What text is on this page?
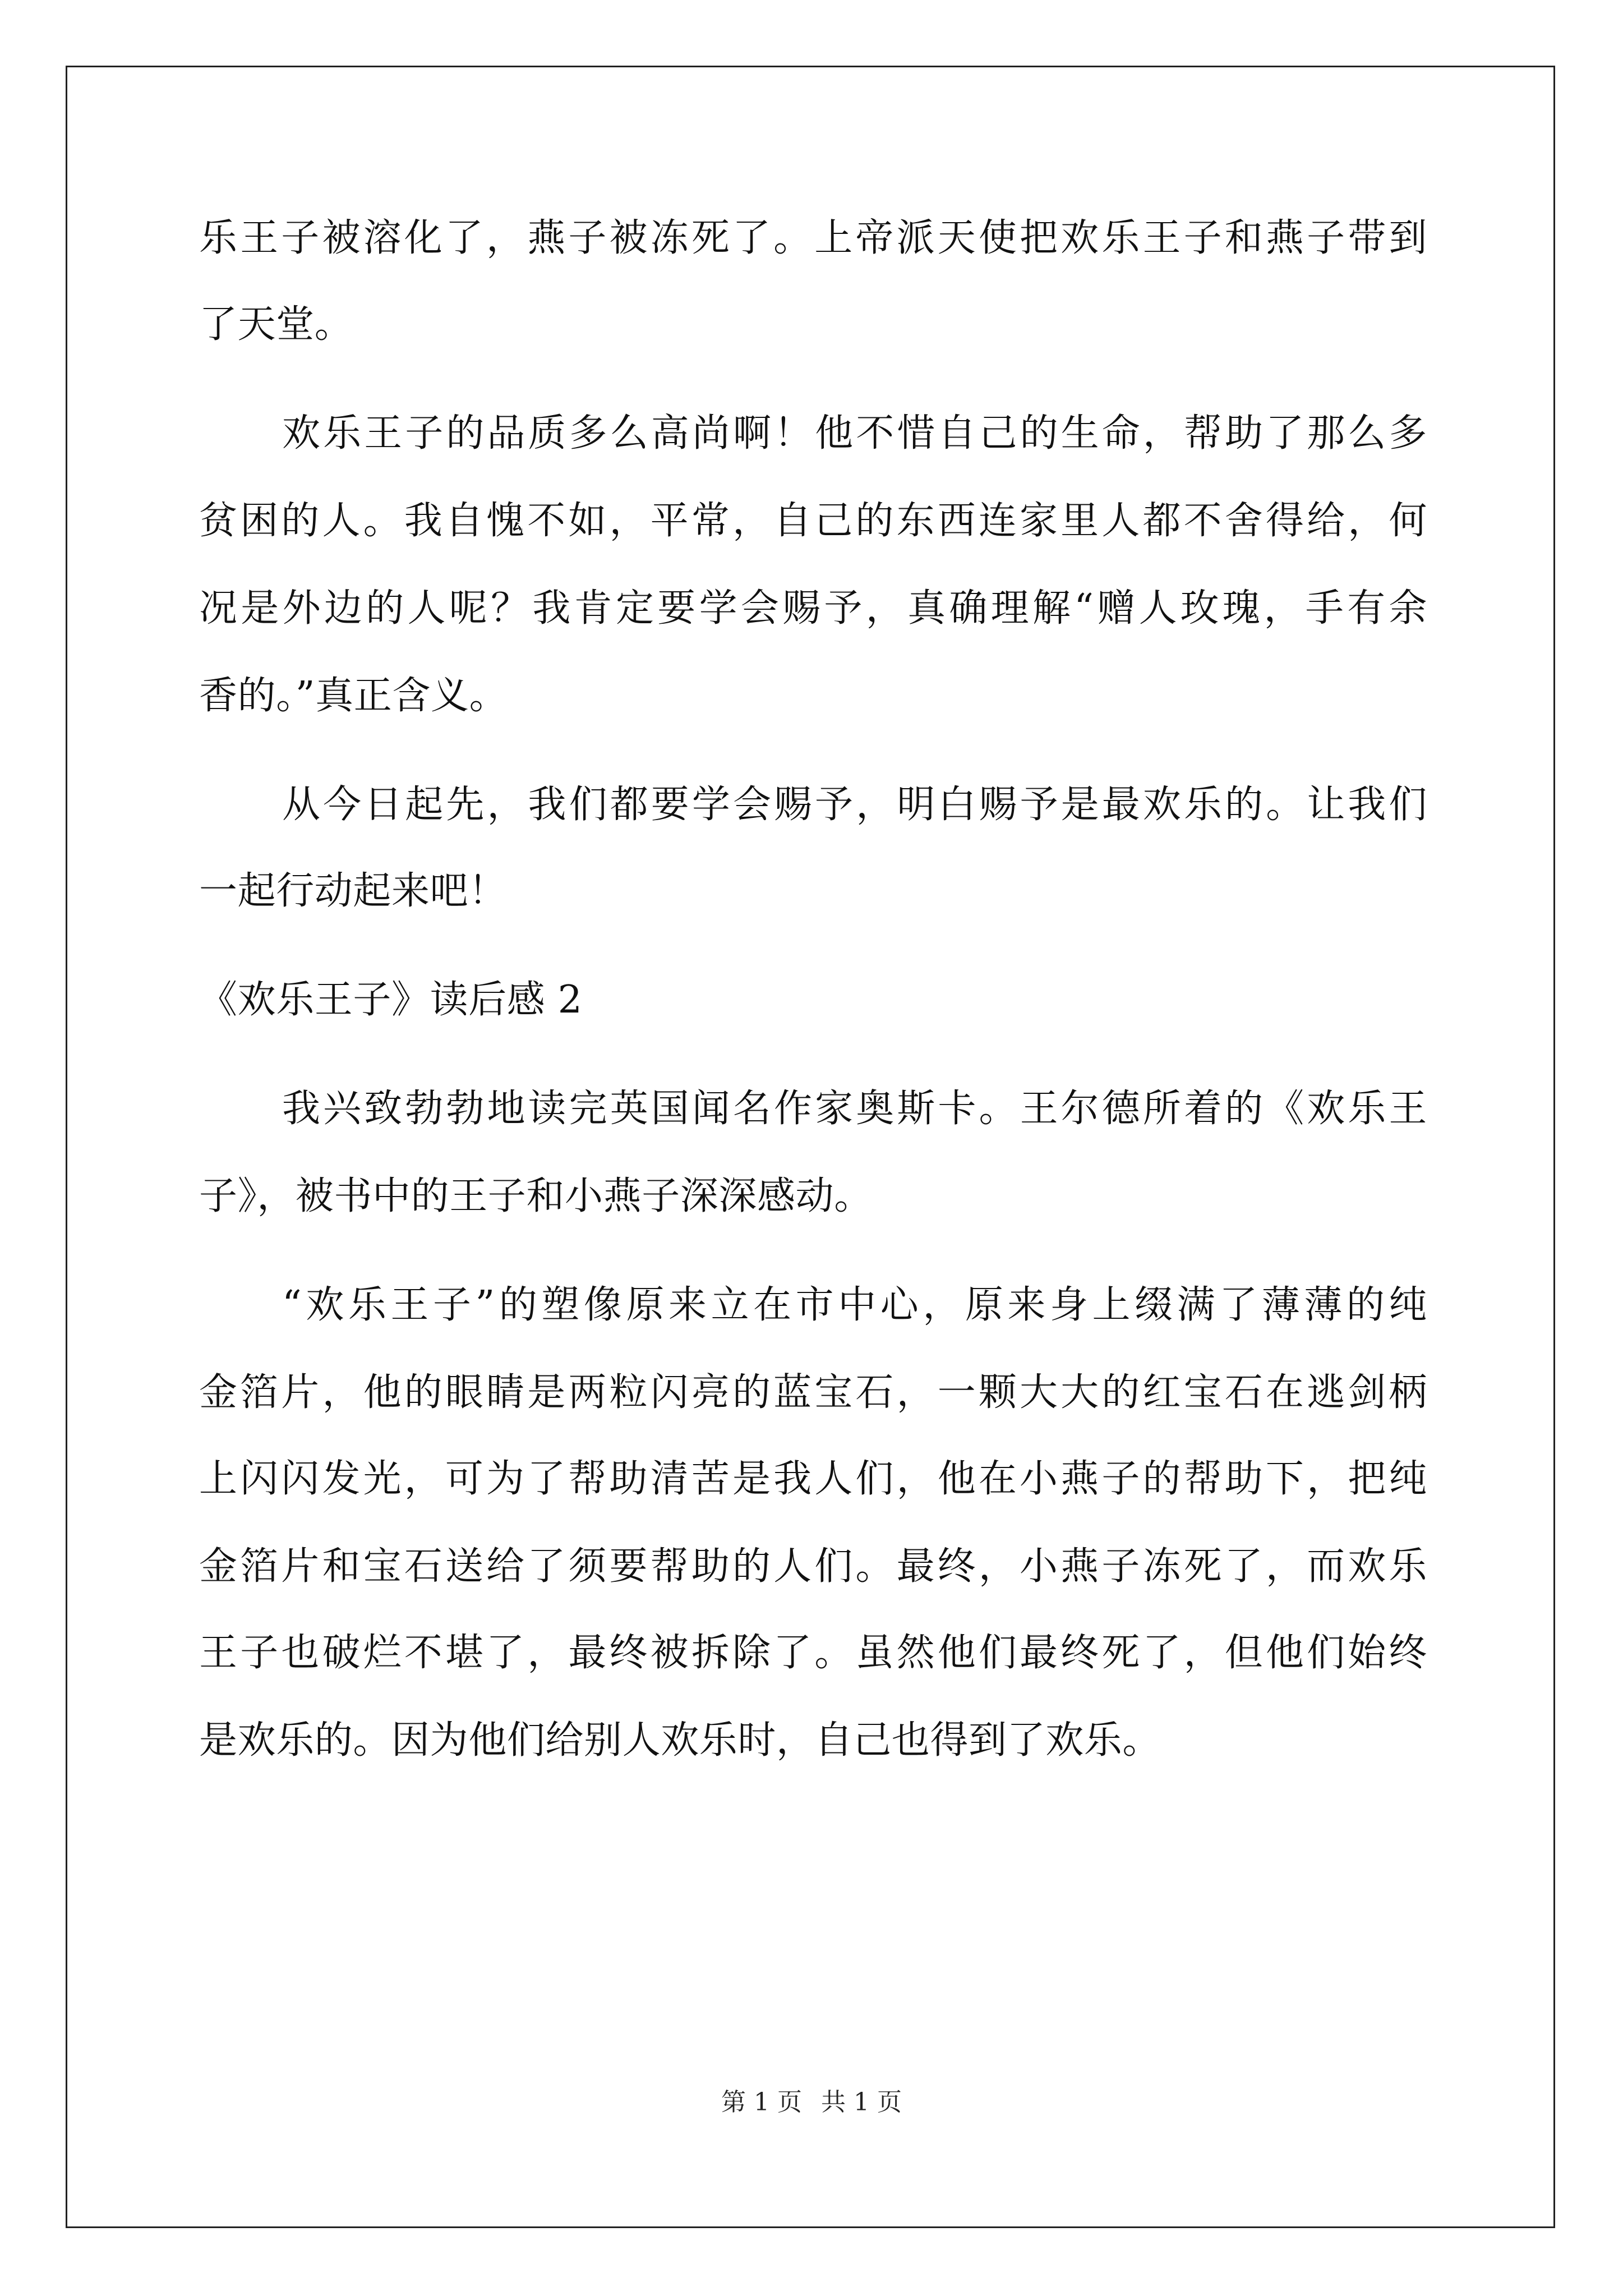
乐王子被溶化了，燕子被冻死了。上帝派天使把欢乐王子和燕子带到
了天堂。
欢乐王子的品质多么高尚啊！他不惜自己的生命，帮助了那么多
贫困的人。我自愧不如，平常，自己的东西连家里人都不舍得给，何
况是外边的人呢？我肯定要学会赐予，真确理解“赠人玫瑰，手有余
香的。”真正含义。
从今日起先，我们都要学会赐予，明白赐予是最欢乐的。让我们
一起行动起来吧！
《欢乐王子》读后感 2
我兴致勃勃地读完英国闻名作家奥斯卡。王尔德所着的《欢乐王
子》，被书中的王子和小燕子深深感动。
“欢乐王子”的塑像原来立在市中心，原来身上缀满了薄薄的纯
金箔片，他的眼睛是两粒闪亮的蓝宝石，一颗大大的红宝石在逃剑柄
上闪闪发光，可为了帮助清苦是我人们，他在小燕子的帮助下，把纯
金箔片和宝石送给了须要帮助的人们。最终，小燕子冻死了，而欢乐
王子也破烂不堪了，最终被拆除了。虽然他们最终死了，但他们始终
是欢乐的。因为他们给别人欢乐时，自己也得到了欢乐。
第 1 页 共 1 页
